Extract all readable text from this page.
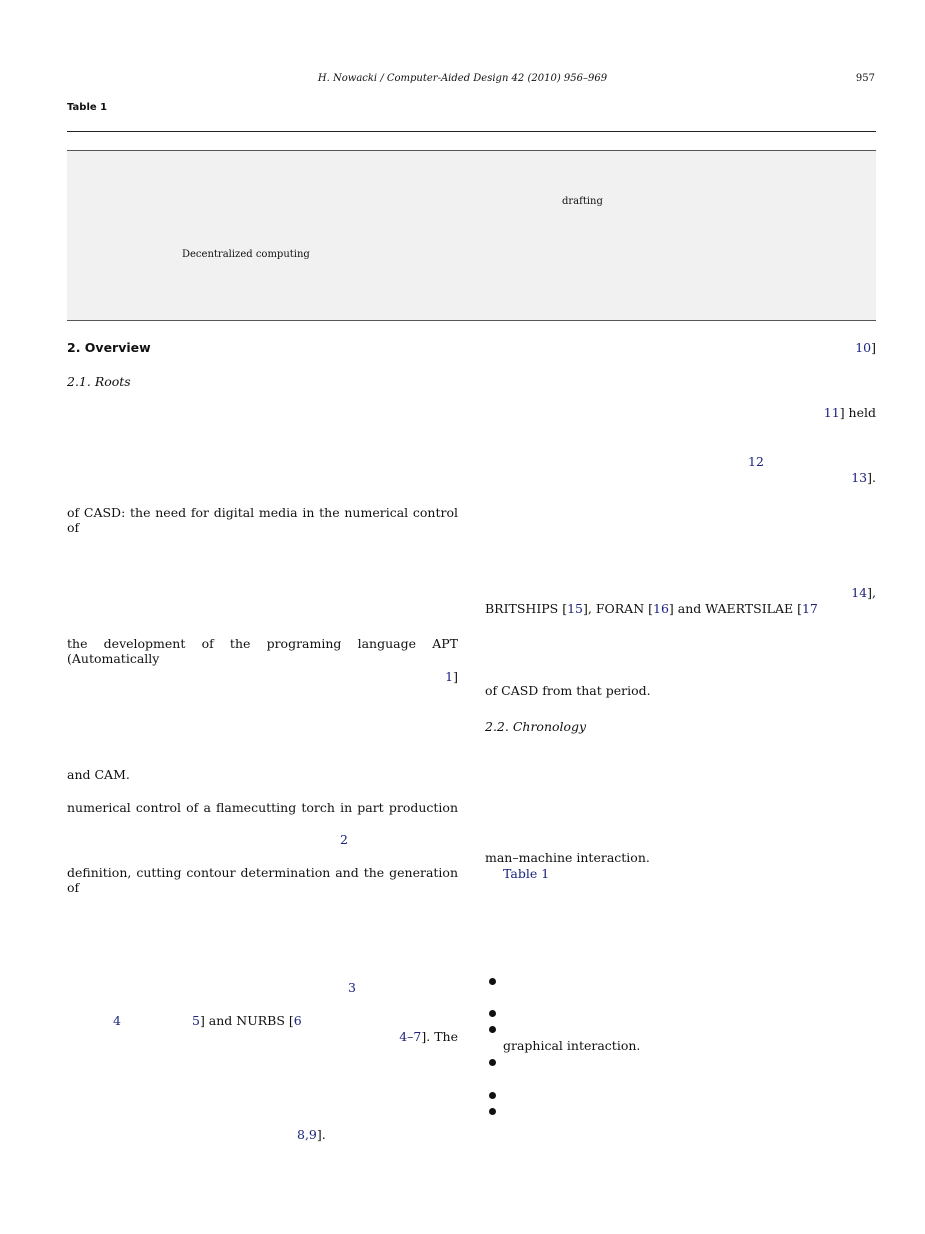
H. Nowacki / Computer-Aided Design 42 (2010) 956–969	957
Table 1
drafting
Decentralized computing
2. Overview
2.1. Roots
of CASD: the need for digital media in the numerical control of
the development of the programing language APT (Automatically
1]
and CAM.
numerical control of a flamecutting torch in part production
2
definition, cutting contour determination and the generation of
3
4	5] and NURBS [6
4–7]. The
8,9].
10]
11] held
12
13].
14],
BRITSHIPS [15], FORAN [16] and WAERTSILAE [17
of CASD from that period.
2.2. Chronology
man–machine interaction.
Table 1
graphical interaction.
